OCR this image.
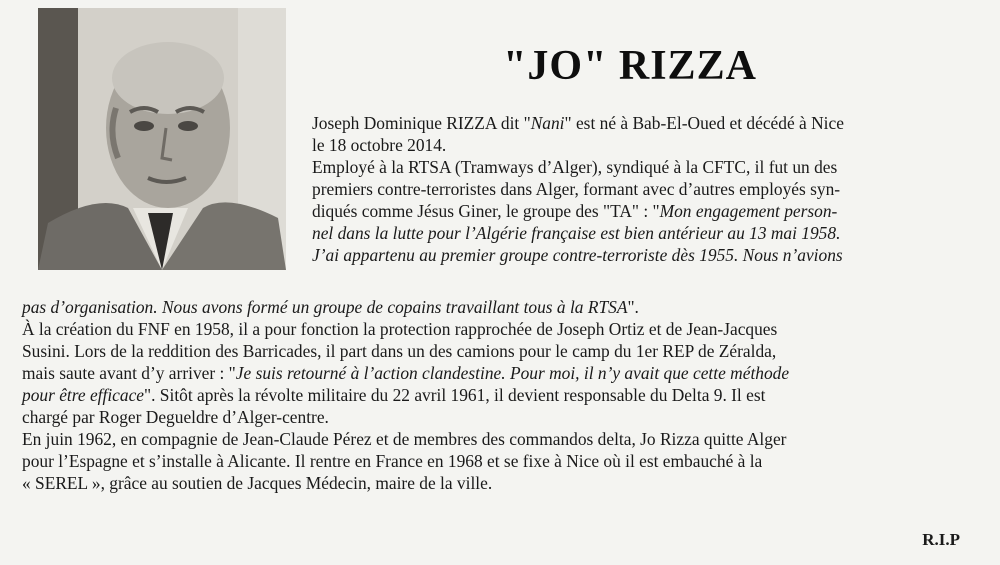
"JO" RIZZA
Joseph Dominique RIZZA dit "Nani" est né à Bab-El-Oued et décédé à Nice
le 18 octobre 2014.
Employé à la RTSA (Tramways d’Alger), syndiqué à la CFTC, il fut un des
premiers contre-terroristes dans Alger, formant avec d’autres employés syn-
diqués comme Jésus Giner, le groupe des "TA" : "Mon engagement person-
nel dans la lutte pour l’Algérie française est bien antérieur au 13 mai 1958.
J’ai appartenu au premier groupe contre-terroriste dès 1955. Nous n’avions
pas d’organisation. Nous avons formé un groupe de copains travaillant tous à la RTSA".
À la création du FNF en 1958, il a pour fonction la protection rapprochée de Joseph Ortiz et de Jean-Jacques
Susini. Lors de la reddition des Barricades, il part dans un des camions pour le camp du 1er REP de Zéralda,
mais saute avant d’y arriver : "Je suis retourné à l’action clandestine. Pour moi, il n’y avait que cette méthode
pour être efficace". Sitôt après la révolte militaire du 22 avril 1961, il devient responsable du Delta 9. Il est
chargé par Roger Degueldre d’Alger-centre.
En juin 1962, en compagnie de Jean-Claude Pérez et de membres des commandos delta, Jo Rizza quitte Alger
pour l’Espagne et s’installe à Alicante. Il rentre en France en 1968 et se fixe à Nice où il est embauché à la
« SEREL », grâce au soutien de Jacques Médecin, maire de la ville.
R.I.P
